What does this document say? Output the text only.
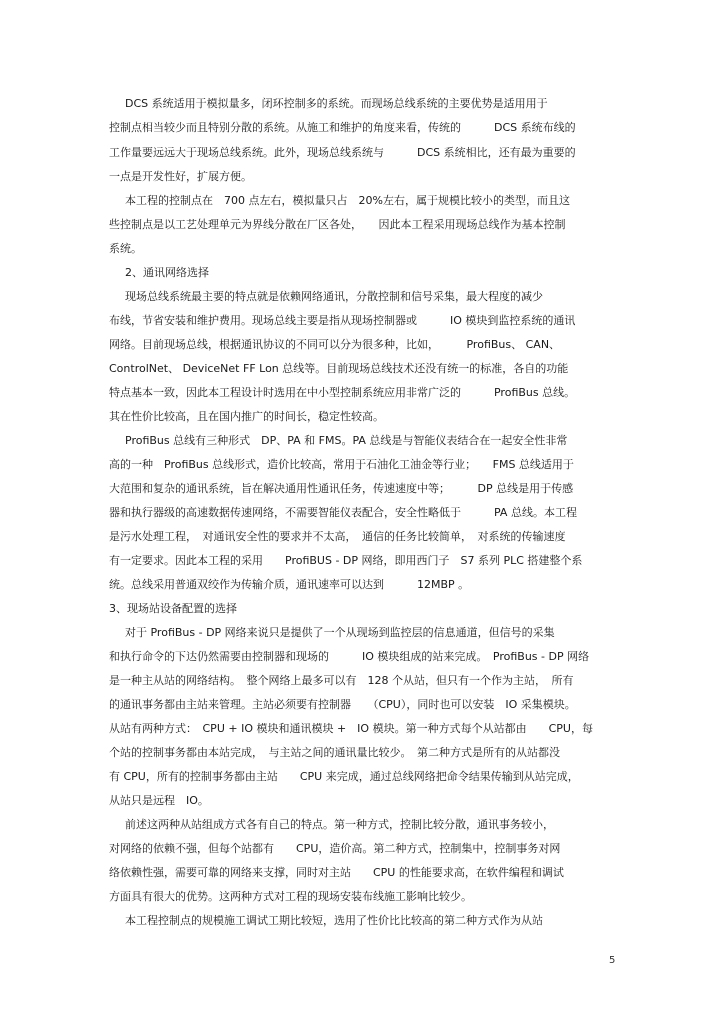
DCS 系统适用于模拟量多，闭环控制多的系统。而现场总线系统的主要优势是适用用于

控制点相当较少而且特别分散的系统。从施工和维护的角度来看，传统的　　　DCS 系统布线的

工作量要远远大于现场总线系统。此外，现场总线系统与　　　DCS 系统相比，还有最为重要的

一点是开发性好，扩展方便。

本工程的控制点在　700 点左右，模拟量只占　20%左右，属于规模比较小的类型，而且这

些控制点是以工艺处理单元为界线分散在厂区各处，　　因此本工程采用现场总线作为基本控制

系统。

2、通讯网络选择

现场总线系统最主要的特点就是依赖网络通讯，分散控制和信号采集，最大程度的减少

布线，节省安装和维护费用。现场总线主要是指从现场控制器或　　　IO 模块到监控系统的通讯

网络。目前现场总线，根据通讯协议的不同可以分为很多种，比如，　　　ProfiBus、 CAN、

ControlNet、 DeviceNet FF Lon 总线等。目前现场总线技术还没有统一的标准，各自的功能

特点基本一致，因此本工程设计时选用在中小型控制系统应用非常广泛的　　　ProfiBus 总线。

其在性价比较高，且在国内推广的时间长，稳定性较高。

ProfiBus 总线有三种形式　DP、PA 和 FMS。PA 总线是与智能仪表结合在一起安全性非常

高的一种　ProfiBus 总线形式，造价比较高，常用于石油化工油金等行业；　　FMS 总线适用于

大范围和复杂的通讯系统，旨在解决通用性通讯任务，传速速度中等；　　　DP 总线是用于传感

器和执行器级的高速数据传速网络，不需要智能仪表配合，安全性略低于　　　PA 总线。本工程

是污水处理工程，　对通讯安全性的要求并不太高，　通信的任务比较简单，　对系统的传输速度

有一定要求。因此本工程的采用　　ProfiBUS - DP 网络，即用西门子　S7 系列 PLC 搭建整个系

统。总线采用普通双绞作为传输介质，通讯速率可以达到　　　12MBP 。

3、现场站设备配置的选择

对于 ProfiBus - DP 网络来说只是提供了一个从现场到监控层的信息通道，但信号的采集

和执行命令的下达仍然需要由控制器和现场的　　　IO 模块组成的站来完成。　ProfiBus - DP 网络

是一种主从站的网络结构。　整个网络上最多可以有　128 个从站，但只有一个作为主站，　所有

的通讯事务都由主站来管理。主站必须要有控制器　　（CPU），同时也可以安装　IO 采集模块。

从站有两种方式：　CPU + IO 模块和通讯模块 +　IO 模块。第一种方式每个从站都由　　CPU，每

个站的控制事务都由本站完成，　与主站之间的通讯量比较少。　第二种方式是所有的从站都没

有 CPU，所有的控制事务都由主站　　CPU 来完成，通过总线网络把命令结果传输到从站完成，

从站只是远程　IO。

前述这两种从站组成方式各有自己的特点。第一种方式，控制比较分散，通讯事务较小，

对网络的依赖不强，但每个站都有　　CPU，造价高。第二种方式，控制集中，控制事务对网

络依赖性强，需要可靠的网络来支撑，同时对主站　　CPU 的性能要求高，在软件编程和调试

方面具有很大的优势。这两种方式对工程的现场安装布线施工影响比较少。

本工程控制点的规模施工调试工期比较短，选用了性价比比较高的第二种方式作为从站

5
